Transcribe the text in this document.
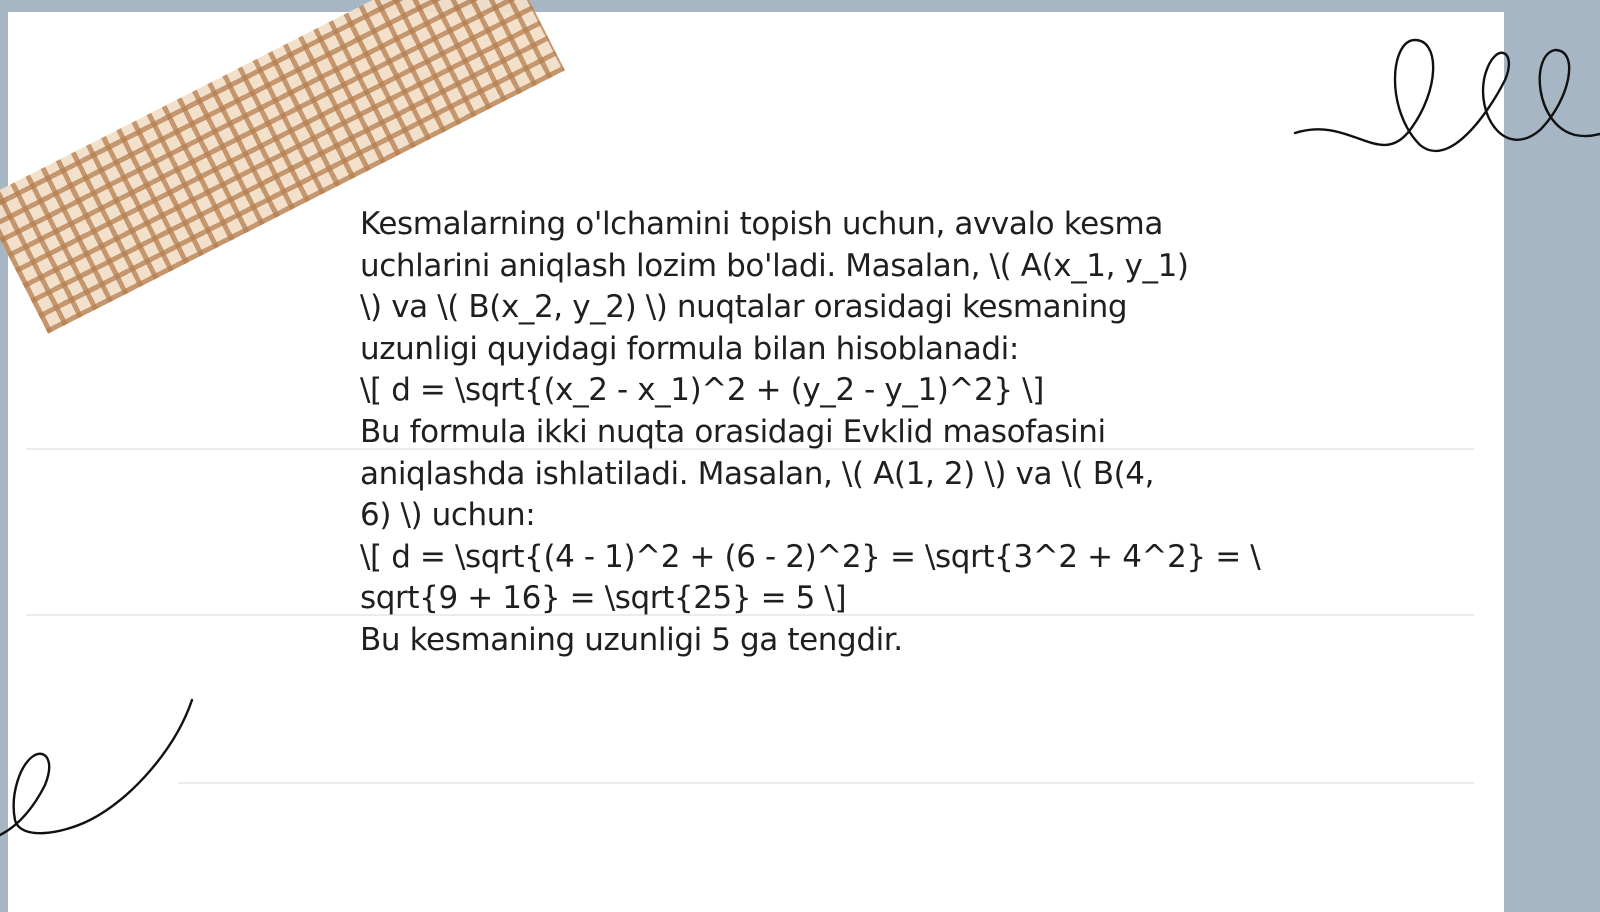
Kesmalarning o'lchamini topish uchun, avvalo kesma
uchlarini aniqlash lozim bo'ladi. Masalan, \( A(x_1, y_1)
\) va \( B(x_2, y_2) \) nuqtalar orasidagi kesmaning
uzunligi quyidagi formula bilan hisoblanadi:
\[ d = \sqrt{(x_2 - x_1)^2 + (y_2 - y_1)^2} \]
Bu formula ikki nuqta orasidagi Evklid masofasini
aniqlashda ishlatiladi. Masalan, \( A(1, 2) \) va \( B(4,
6) \) uchun:
\[ d = \sqrt{(4 - 1)^2 + (6 - 2)^2} = \sqrt{3^2 + 4^2} = \
sqrt{9 + 16} = \sqrt{25} = 5 \]
Bu kesmaning uzunligi 5 ga tengdir.
